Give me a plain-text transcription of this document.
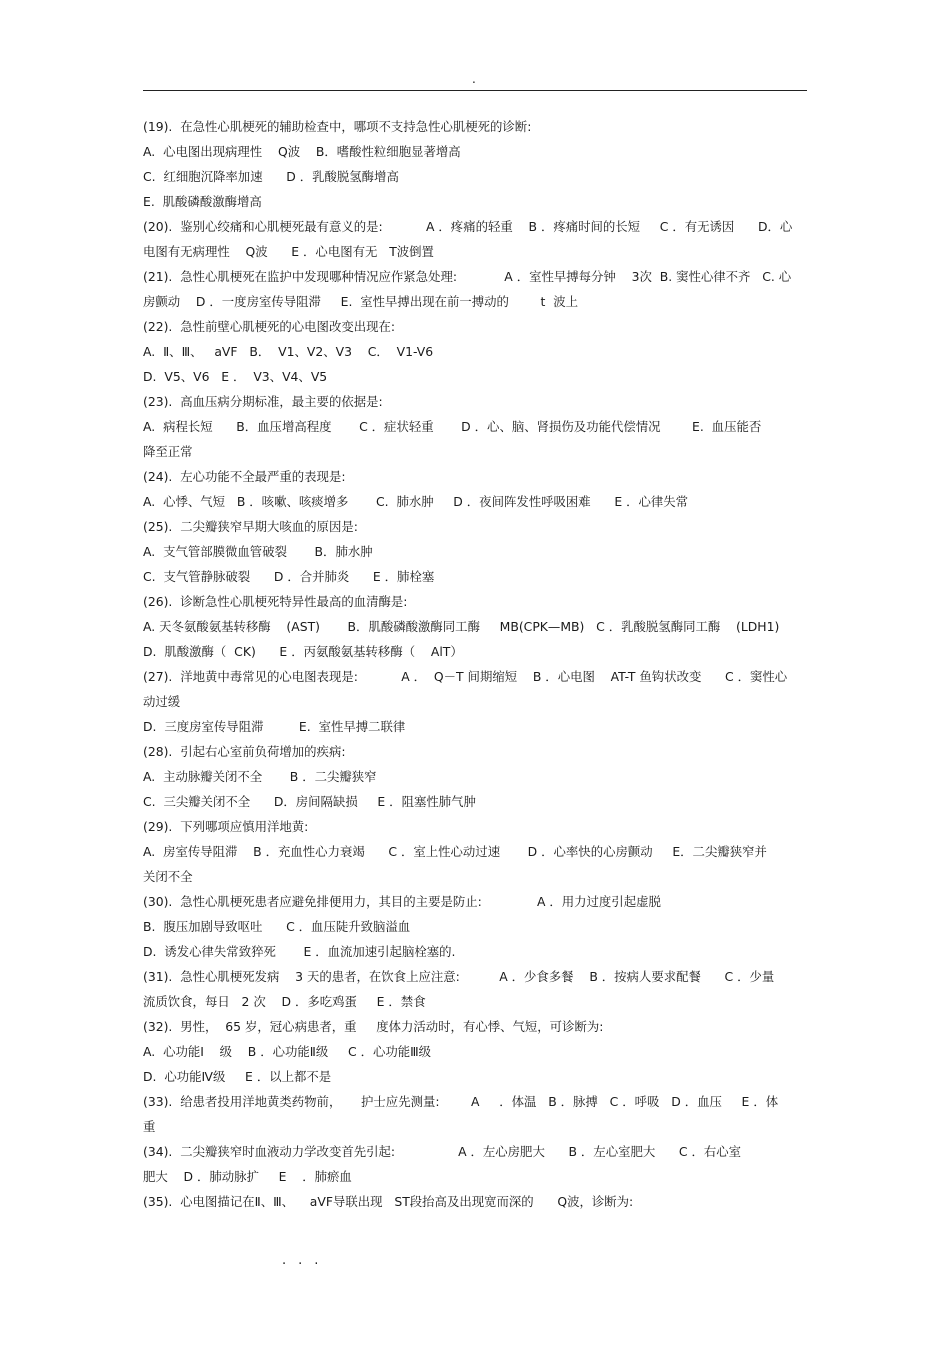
.
(19).  在急性心肌梗死的辅助检查中，哪项不支持急性心肌梗死的诊断:
A.  心电图出现病理性    Q波    B．嗜酸性粒细胞显著增高
C.  红细胞沉降率加速      D ．乳酸脱氢酶增高
E.  肌酸磷酸激酶增高
(20).  鉴别心绞痛和心肌梗死最有意义的是:           A ．疼痛的轻重    B ．疼痛时间的长短     C ．有无诱因      D．心
电图有无病理性    Q波      E ．心电图有无   T波倒置
(21).  急性心肌梗死在监护中发现哪种情况应作紧急处理:            A ．室性早搏每分钟    3次  B. 窦性心律不齐   C. 心
房颤动    D ．一度房室传导阻滞     E.  室性早搏出现在前一搏动的        t  波上
(22).  急性前壁心肌梗死的心电图改变出现在:
A.  Ⅱ、Ⅲ、   aVF   B．  V1、V2、V3    C．  V1-V6
D.  V5、V6   E ．  V3、V4、V5
(23).  高血压病分期标准，最主要的依据是:
A.  病程长短      B．血压增高程度       C ．症状轻重       D ．心、脑、肾损伤及功能代偿情况        E.  血压能否
降至正常
(24).  左心功能不全最严重的表现是:
A.  心悸、气短   B ．咳嗽、咳痰增多       C.  肺水肿     D ．夜间阵发性呼吸困难      E ．心律失常
(25).  二尖瓣狭窄早期大咳血的原因是:
A.  支气管部膜微血管破裂       B．肺水肿
C.  支气管静脉破裂      D ．合并肺炎      E ．肺栓塞
(26).  诊断急性心肌梗死特异性最高的血清酶是:
A. 天冬氨酸氨基转移酶    (AST)       B．肌酸磷酸激酶同工酶     MB(CPK—MB)   C ．乳酸脱氢酶同工酶    (LDH1)
D.  肌酸激酶（  CK)      E ．丙氨酸氨基转移酶（    AlT）
(27).  洋地黄中毒常见的心电图表现是:           A ．  Q－T 间期缩短    B ．心电图    AT-T 鱼钩状改变      C ．窦性心
动过缓
D.  三度房室传导阻滞         E.  室性早搏二联律
(28).  引起右心室前负荷增加的疾病:
A.  主动脉瓣关闭不全       B ．二尖瓣狭窄
C.  三尖瓣关闭不全      D．房间隔缺损     E ．阻塞性肺气肿
(29).  下列哪项应慎用洋地黄:
A.  房室传导阻滞    B ．充血性心力衰竭      C ．室上性心动过速       D ．心率快的心房颤动     E．二尖瓣狭窄并
关闭不全
(30).  急性心肌梗死患者应避免排便用力，其目的主要是防止:              A ．用力过度引起虚脱
B.  腹压加剧导致呕吐      C ．血压陡升致脑溢血
D.  诱发心律失常致猝死       E ．血流加速引起脑栓塞的.
(31).  急性心肌梗死发病    3 天的患者，在饮食上应注意:          A ．少食多餐    B ．按病人要求配餐      C ．少量
流质饮食，每日   2 次    D ．多吃鸡蛋     E ．禁食
(32).  男性，  65 岁，冠心病患者，重     度体力活动时，有心悸、气短，可诊断为:
A.  心功能Ⅰ    级    B ．心功能Ⅱ级     C ．心功能Ⅲ级
D.  心功能Ⅳ级     E ．以上都不是
(33).  给患者投用洋地黄类药物前，     护士应先测量:        A     ．体温   B ．脉搏   C ．呼吸   D ．血压     E ．体
重
(34).  二尖瓣狭窄时血液动力学改变首先引起:                A ．左心房肥大      B ．左心室肥大      C ．右心室
肥大    D ．肺动脉扩     E    ．肺瘀血
(35).  心电图描记在Ⅱ、Ⅲ、    aVF导联出现   ST段抬高及出现宽而深的      Q波，诊断为:
...
